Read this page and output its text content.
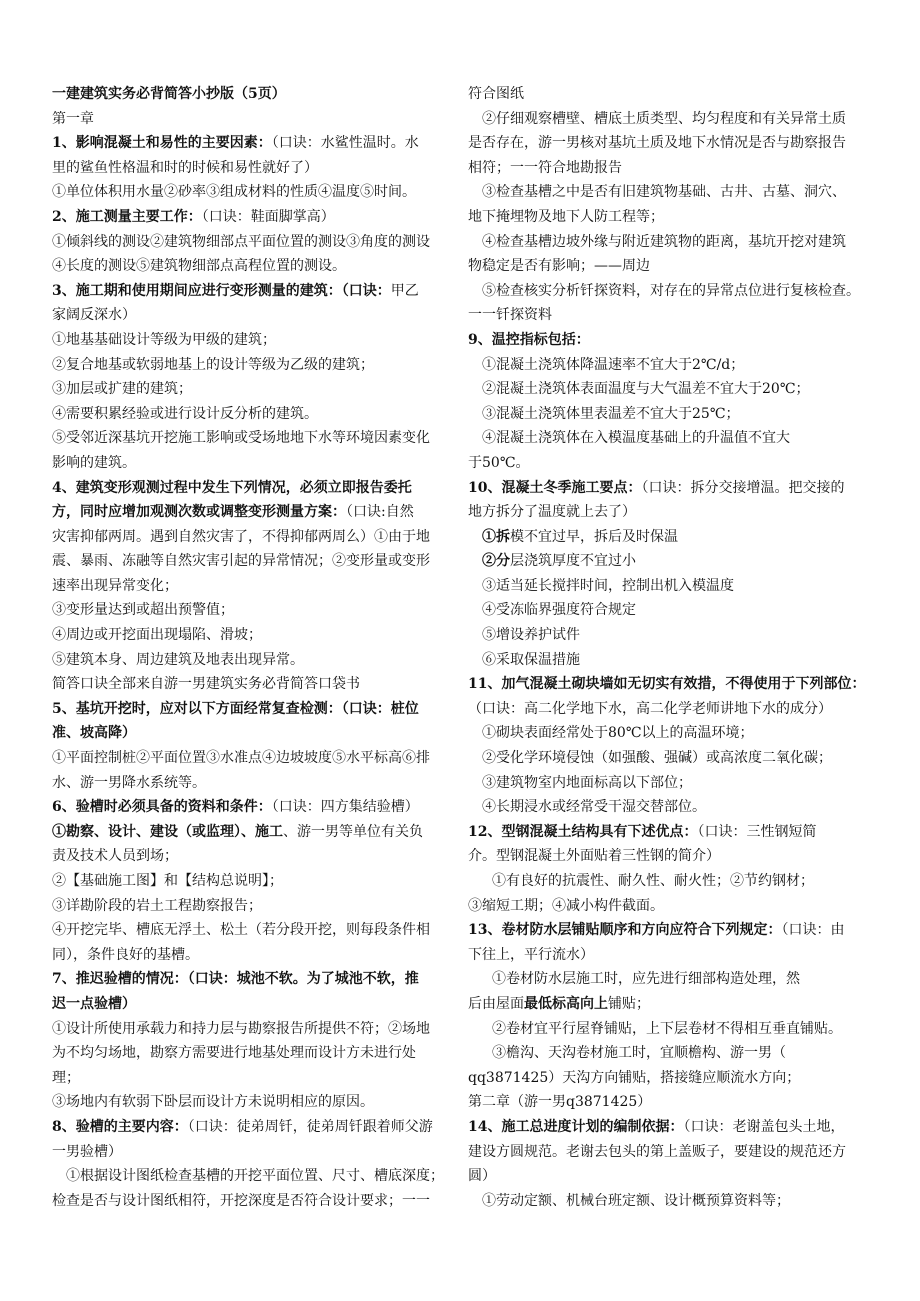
一建建筑实务必背简答小抄版（5页）
第一章
1、影响混凝土和易性的主要因素：（口诀：水鲨性温时。水
里的鲨鱼性格温和时的时候和易性就好了）
①单位体积用水量②砂率③组成材料的性质④温度⑤时间。
2、施工测量主要工作：（口诀：鞋面脚掌高）
①倾斜线的测设②建筑物细部点平面位置的测设③角度的测设
④长度的测设⑤建筑物细部点高程位置的测设。
3、施工期和使用期间应进行变形测量的建筑：（口诀：甲乙
家阔反深水）
①地基基础设计等级为甲级的建筑；
②复合地基或软弱地基上的设计等级为乙级的建筑；
③加层或扩建的建筑；
④需要积累经验或进行设计反分析的建筑。
⑤受邻近深基坑开挖施工影响或受场地地下水等环境因素变化
影响的建筑。
4、建筑变形观测过程中发生下列情况，必须立即报告委托
方，同时应增加观测次数或调整变形测量方案：（口诀:自然
灾害抑郁两周。遇到自然灾害了，不得抑郁两周么）①由于地
震、暴雨、冻融等自然灾害引起的异常情况；②变形量或变形
速率出现异常变化；
③变形量达到或超出预警值；
④周边或开挖面出现塌陷、滑坡；
⑤建筑本身、周边建筑及地表出现异常。
简答口诀全部来自游一男建筑实务必背简答口袋书
5、基坑开挖时，应对以下方面经常复查检测：（口诀：桩位
准、坡高降）
①平面控制桩②平面位置③水准点④边坡坡度⑤水平标高⑥排
水、游一男降水系统等。
6、验槽时必须具备的资料和条件：（口诀：四方集结验槽）
①勘察、设计、建设（或监理）、施工、游一男等单位有关负
责及技术人员到场；
②【基础施工图】和【结构总说明】；
③详勘阶段的岩土工程勘察报告；
④开挖完毕、槽底无浮土、松土（若分段开挖，则每段条件相
同），条件良好的基槽。
7、推迟验槽的情况：（口诀：城池不软。为了城池不软，推
迟一点验槽）
①设计所使用承载力和持力层与勘察报告所提供不符；②场地
为不均匀场地，勘察方需要进行地基处理而设计方未进行处
理；
③场地内有软弱下卧层而设计方未说明相应的原因。
8、验槽的主要内容：（口诀：徒弟周钎，徒弟周钎跟着师父游
一男验槽）
①根据设计图纸检查基槽的开挖平面位置、尺寸、槽底深度；
检查是否与设计图纸相符，开挖深度是否符合设计要求；一一
符合图纸
②仔细观察槽壁、槽底土质类型、均匀程度和有关异常土质
是否存在，游一男核对基坑土质及地下水情况是否与勘察报告
相符；一一符合地勘报告
③检查基槽之中是否有旧建筑物基础、古井、古墓、洞穴、
地下掩埋物及地下人防工程等；
④检查基槽边坡外缘与附近建筑物的距离，基坑开挖对建筑
物稳定是否有影响；——周边
⑤检查核实分析钎探资料，对存在的异常点位进行复核检查。
一一钎探资料
9、温控指标包括：
①混凝土浇筑体降温速率不宜大于2℃/d；
②混凝土浇筑体表面温度与大气温差不宜大于20℃；
③混凝土浇筑体里表温差不宜大于25℃；
④混凝土浇筑体在入模温度基础上的升温值不宜大
于50℃。
10、混凝土冬季施工要点：（口诀：拆分交接增温。把交接的
地方拆分了温度就上去了）
①拆模不宜过早，拆后及时保温
②分层浇筑厚度不宜过小
③适当延长搅拌时间，控制出机入模温度
④受冻临界强度符合规定
⑤增设养护试件
⑥采取保温措施
11、加气混凝土砌块墙如无切实有效措，不得使用于下列部位：
（口诀：高二化学地下水，高二化学老师讲地下水的成分）
①砌块表面经常处于80℃以上的高温环境；
②受化学环境侵蚀（如强酸、强碱）或高浓度二氧化碳；
③建筑物室内地面标高以下部位；
④长期浸水或经常受干湿交替部位。
12、型钢混凝土结构具有下述优点：（口诀：三性钢短简
介。型钢混凝土外面贴着三性钢的简介）
①有良好的抗震性、耐久性、耐火性；②节约钢材；
③缩短工期；④减小构件截面。
13、卷材防水层铺贴顺序和方向应符合下列规定：（口诀：由
下往上，平行流水）
①卷材防水层施工时，应先进行细部构造处理，然
后由屋面最低标高向上铺贴；
②卷材宜平行屋脊铺贴，上下层卷材不得相互垂直铺贴。
③檐沟、天沟卷材施工时，宜顺檐构、游一男（
qq3871425）天沟方向铺贴，搭接缝应顺流水方向；
第二章（游一男q3871425）
14、施工总进度计划的编制依据：（口诀：老谢盖包头土地，
建设方圆规范。老谢去包头的第上盖贩子，要建设的规范还方
圆）
①劳动定额、机械台班定额、设计概预算资料等；
